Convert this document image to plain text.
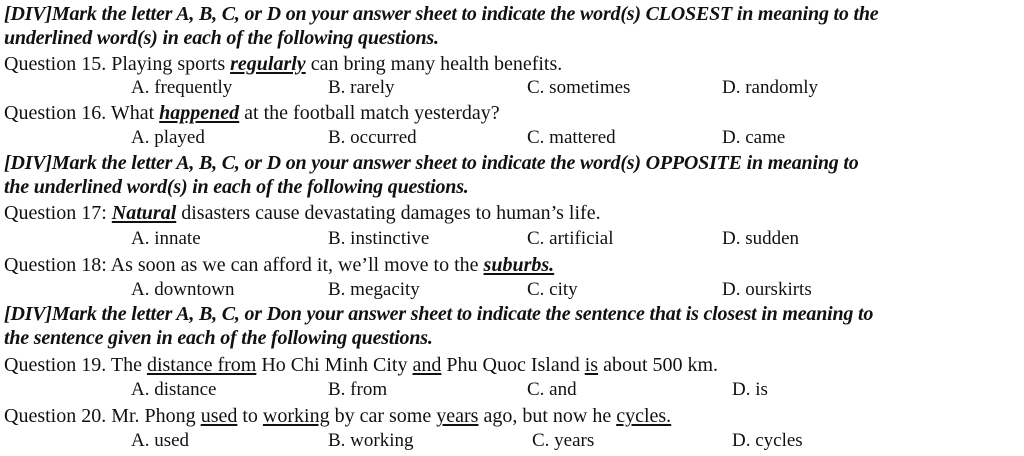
[DIV]Mark the letter A, B, C, or D on your answer sheet to indicate the word(s) CLOSEST in meaning to the
underlined word(s) in each of the following questions.
Question 15. Playing sports regularly can bring many health benefits.
A. frequently	B. rarely	C. sometimes	D. randomly
Question 16. What happened at the football match yesterday?
A. played	B. occurred	C. mattered	D. came
[DIV]Mark the letter A, B, C, or D on your answer sheet to indicate the word(s) OPPOSITE in meaning to
the underlined word(s) in each of the following questions.
Question 17: Natural disasters cause devastating damages to human’s life.
A. innate	B. instinctive	C. artificial	D. sudden
Question 18: As soon as we can afford it, we’ll move to the suburbs.
A. downtown	B. megacity	C. city	D. ourskirts
[DIV]Mark the letter A, B, C, or Don your answer sheet to indicate the sentence that is closest in meaning to
the sentence given in each of the following questions.
Question 19. The distance from Ho Chi Minh City and Phu Quoc Island is about 500 km.
A. distance	B. from	C. and	D. is
Question 20. Mr. Phong used to working by car some years ago, but now he cycles.
A. used	B. working	C. years	D. cycles
